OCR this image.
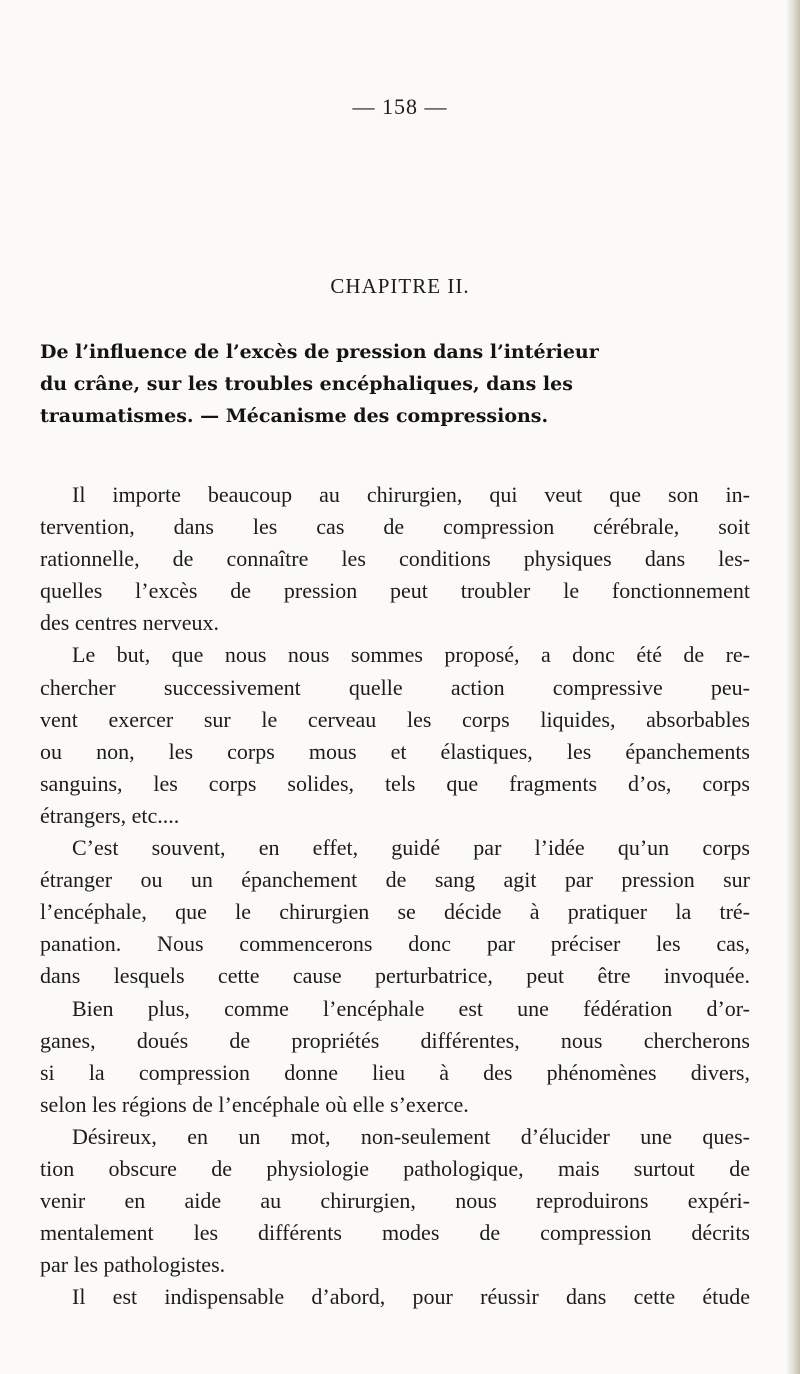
— 158 —
CHAPITRE II.
De l’influence de l’excès de pression dans l’intérieur
du crâne, sur les troubles encéphaliques, dans les
traumatismes. — Mécanisme des compressions.
Il importe beaucoup au chirurgien, qui veut que son in-
tervention, dans les cas de compression cérébrale, soit
rationnelle, de connaître les conditions physiques dans les-
quelles l’excès de pression peut troubler le fonctionnement
des centres nerveux.
Le but, que nous nous sommes proposé, a donc été de re-
chercher successivement quelle action compressive peu-
vent exercer sur le cerveau les corps liquides, absorbables
ou non, les corps mous et élastiques, les épanchements
sanguins, les corps solides, tels que fragments d’os, corps
étrangers, etc....
C’est souvent, en effet, guidé par l’idée qu’un corps
étranger ou un épanchement de sang agit par pression sur
l’encéphale, que le chirurgien se décide à pratiquer la tré-
panation. Nous commencerons donc par préciser les cas,
dans lesquels cette cause perturbatrice, peut être invoquée.
Bien plus, comme l’encéphale est une fédération d’or-
ganes, doués de propriétés différentes, nous chercherons
si la compression donne lieu à des phénomènes divers,
selon les régions de l’encéphale où elle s’exerce.
Désireux, en un mot, non-seulement d’élucider une ques-
tion obscure de physiologie pathologique, mais surtout de
venir en aide au chirurgien, nous reproduirons expéri-
mentalement les différents modes de compression décrits
par les pathologistes.
Il est indispensable d’abord, pour réussir dans cette étude
